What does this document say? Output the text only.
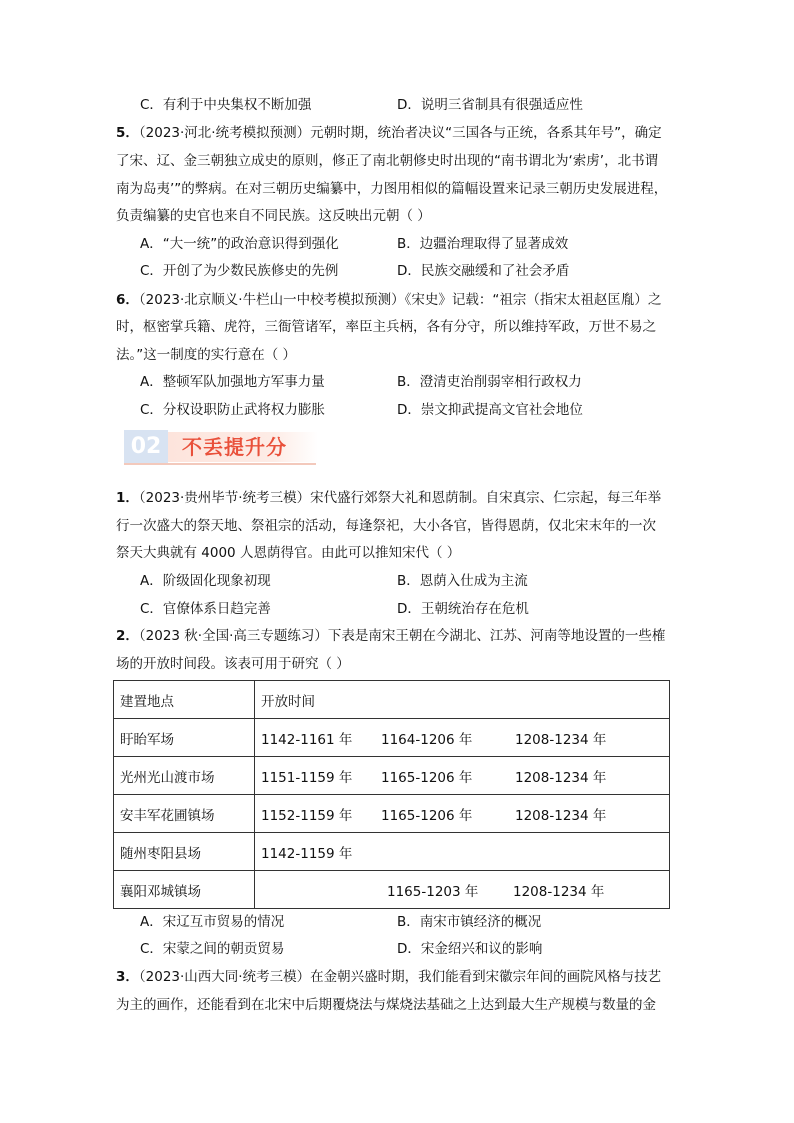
C．有利于中央集权不断加强	D．说明三省制具有很强适应性
5．（2023·河北·统考模拟预测）元朝时期，统治者决议“三国各与正统，各系其年号”，确定
了宋、辽、金三朝独立成史的原则，修正了南北朝修史时出现的“南书谓北为‘索虏’，北书谓
南为岛夷’”的弊病。在对三朝历史编纂中，力图用相似的篇幅设置来记录三朝历史发展进程，
负责编纂的史官也来自不同民族。这反映出元朝（ ）
A．“大一统”的政治意识得到强化	B．边疆治理取得了显著成效
C．开创了为少数民族修史的先例	D．民族交融缓和了社会矛盾
6．（2023·北京顺义·牛栏山一中校考模拟预测）《宋史》记载：“祖宗（指宋太祖赵匡胤）之
时，枢密掌兵籍、虎符，三衙管诸军，率臣主兵柄，各有分守，所以维持军政，万世不易之
法。”这一制度的实行意在（ ）
A．整顿军队加强地方军事力量	B．澄清吏治削弱宰相行政权力
C．分权设职防止武将权力膨胀	D．崇文抑武提高文官社会地位
02	不丢提升分
1．（2023·贵州毕节·统考三模）宋代盛行郊祭大礼和恩荫制。自宋真宗、仁宗起，每三年举
行一次盛大的祭天地、祭祖宗的活动，每逢祭祀，大小各官，皆得恩荫，仅北宋末年的一次
祭天大典就有 4000 人恩荫得官。由此可以推知宋代（ ）
A．阶级固化现象初现	B．恩荫入仕成为主流
C．官僚体系日趋完善	D．王朝统治存在危机
2．（2023 秋·全国·高三专题练习）下表是南宋王朝在今湖北、江苏、河南等地设置的一些榷
场的开放时间段。该表可用于研究（ ）
建置地点	开放时间
盱眙军场	1142-1161 年 1164-1206 年 1208-1234 年

光州光山渡市场	1151-1159 年 1165-1206 年 1208-1234 年

安丰军花圃镇场	1152-1159 年 1165-1206 年 1208-1234 年

随州枣阳县场	1142-1159 年

襄阳邓城镇场	1165-1203 年 1208-1234 年
A．宋辽互市贸易的情况	B．南宋市镇经济的概况
C．宋蒙之间的朝贡贸易	D．宋金绍兴和议的影响
3．（2023·山西大同·统考三模）在金朝兴盛时期，我们能看到宋徽宗年间的画院风格与技艺
为主的画作，还能看到在北宋中后期覆烧法与煤烧法基础之上达到最大生产规模与数量的金
